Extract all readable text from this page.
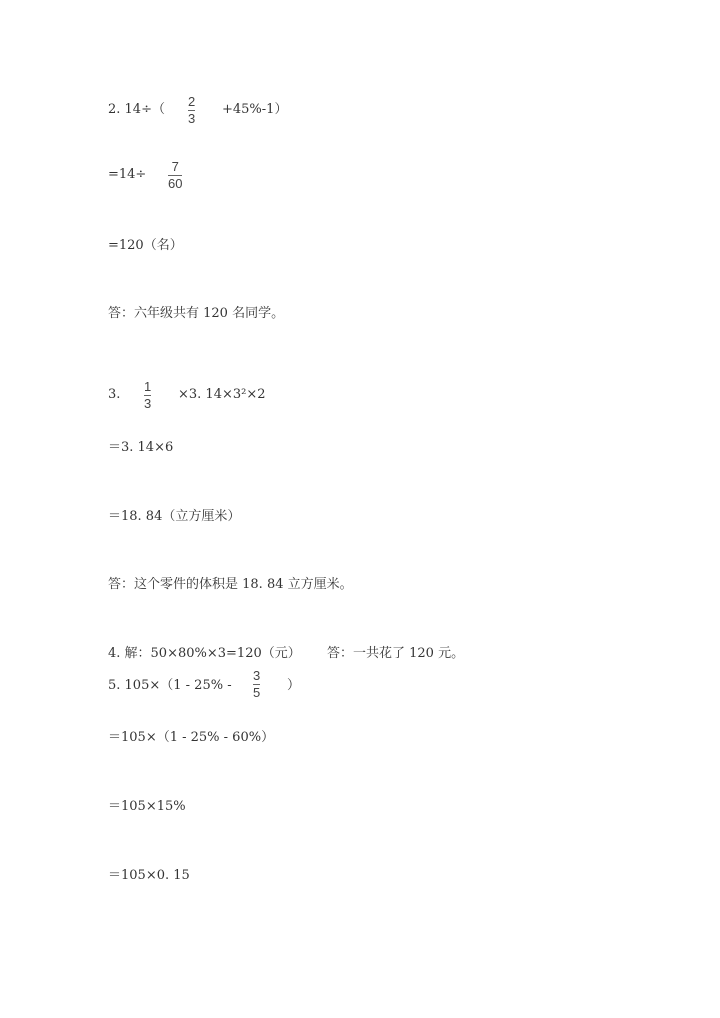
2. 14÷（
2
3
+45%-1）
=14÷
7
60
=120（名）
答：六年级共有 120 名同学。
3.
1
3
×3. 14×3²×2
＝3. 14×6
＝18. 84（立方厘米）
答：这个零件的体积是 18. 84 立方厘米。
4. 解：50×80%×3=120（元） 答：一共花了 120 元。
5. 105×（1 - 25% -
3
5 ）
＝105×（1 - 25% - 60%）
＝105×15%
＝105×0. 15
